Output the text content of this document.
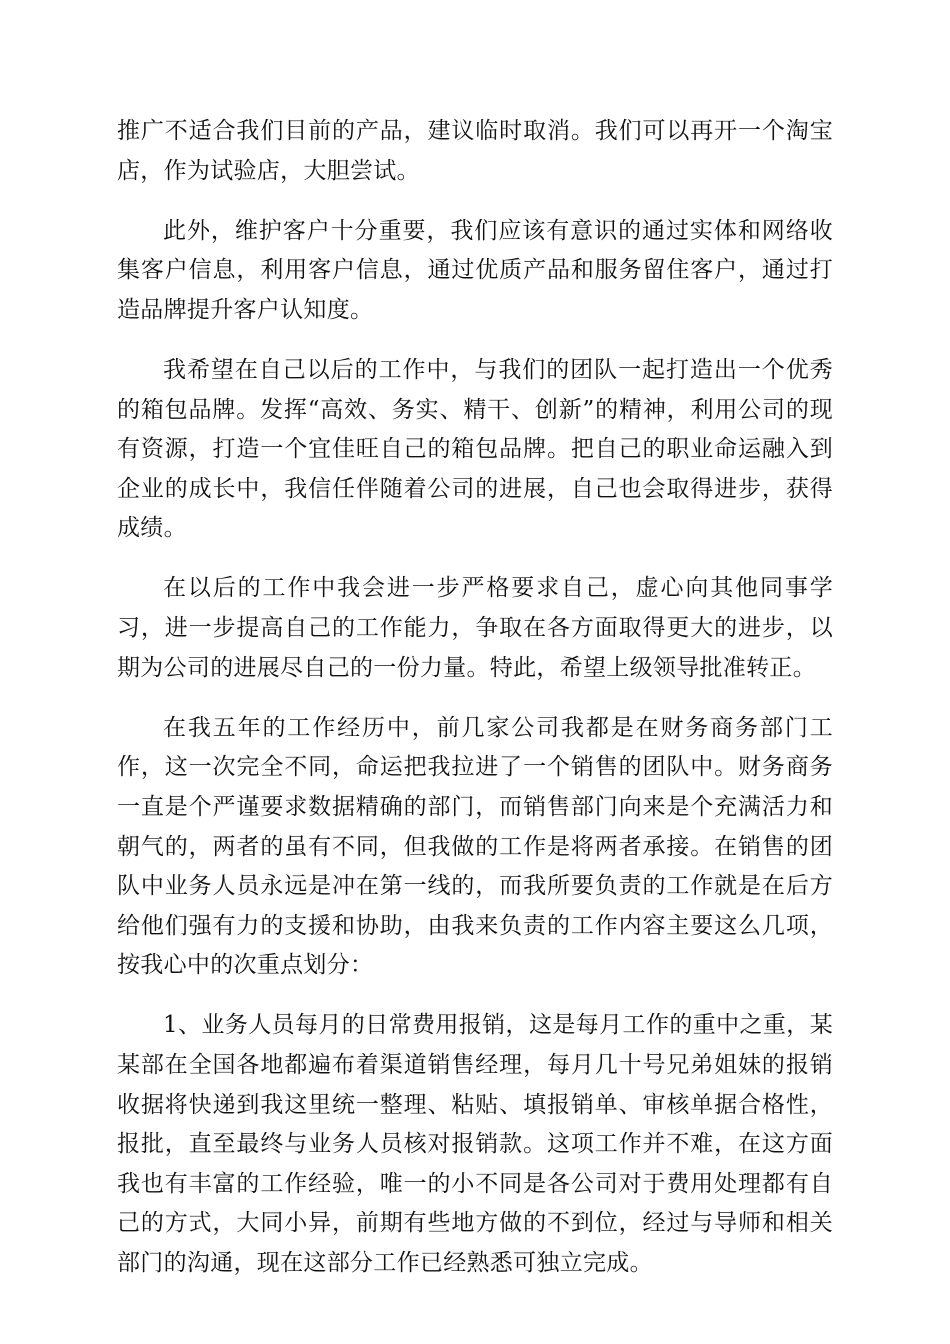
推广不适合我们目前的产品，建议临时取消。我们可以再开一个淘宝店，作为试验店，大胆尝试。

此外，维护客户十分重要，我们应该有意识的通过实体和网络收集客户信息，利用客户信息，通过优质产品和服务留住客户，通过打造品牌提升客户认知度。

我希望在自己以后的工作中，与我们的团队一起打造出一个优秀的箱包品牌。发挥“高效、务实、精干、创新”的精神，利用公司的现有资源，打造一个宜佳旺自己的箱包品牌。把自己的职业命运融入到企业的成长中，我信任伴随着公司的进展，自己也会取得进步，获得成绩。

在以后的工作中我会进一步严格要求自己，虚心向其他同事学习，进一步提高自己的工作能力，争取在各方面取得更大的进步，以期为公司的进展尽自己的一份力量。特此，希望上级领导批准转正。

在我五年的工作经历中，前几家公司我都是在财务商务部门工作，这一次完全不同，命运把我拉进了一个销售的团队中。财务商务一直是个严谨要求数据精确的部门，而销售部门向来是个充满活力和朝气的，两者的虽有不同，但我做的工作是将两者承接。在销售的团队中业务人员永远是冲在第一线的，而我所要负责的工作就是在后方给他们强有力的支援和协助，由我来负责的工作内容主要这么几项，按我心中的次重点划分：

1、业务人员每月的日常费用报销，这是每月工作的重中之重，某某部在全国各地都遍布着渠道销售经理，每月几十号兄弟姐妹的报销收据将快递到我这里统一整理、粘贴、填报销单、审核单据合格性，报批，直至最终与业务人员核对报销款。这项工作并不难，在这方面我也有丰富的工作经验，唯一的小不同是各公司对于费用处理都有自己的方式，大同小异，前期有些地方做的不到位，经过与导师和相关部门的沟通，现在这部分工作已经熟悉可独立完成。
